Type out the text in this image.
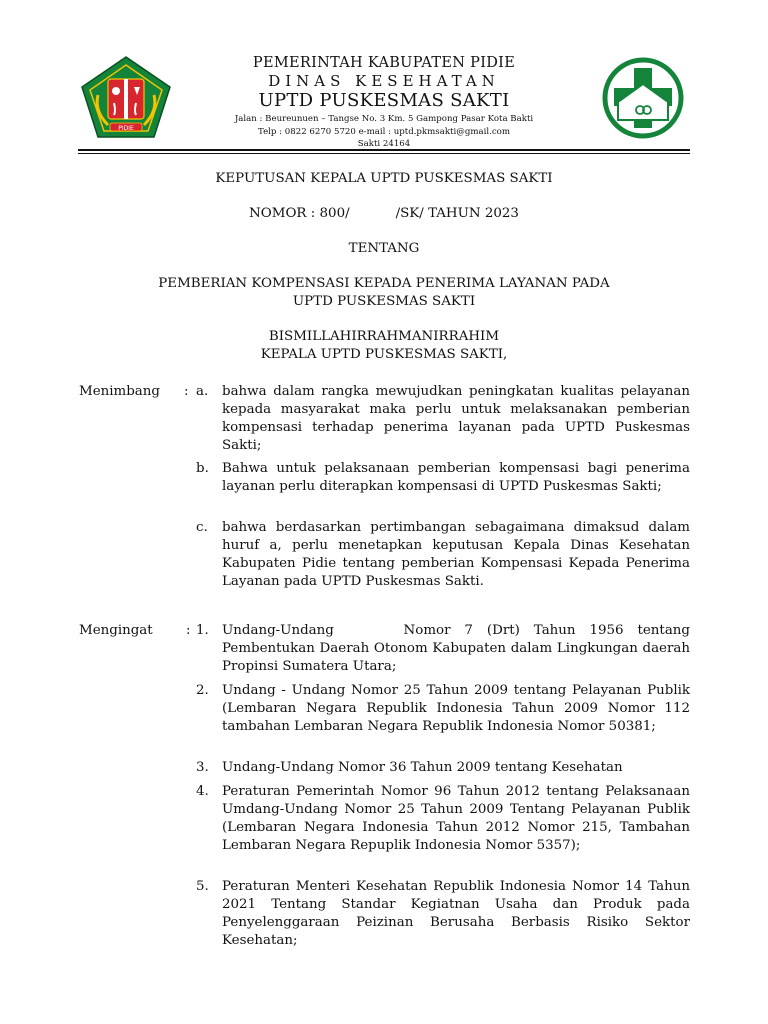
PIDIE
PEMERINTAH KABUPATEN PIDIE
DINAS KESEHATAN
UPTD PUSKESMAS SAKTI
Jalan : Beureunuen – Tangse No. 3 Km. 5 Gampong Pasar Kota Bakti
Telp : 0822 6270 5720 e-mail : uptd.pkmsakti@gmail.com
Sakti 24164
KEPUTUSAN KEPALA UPTD PUSKESMAS SAKTI
NOMOR : 800/	/SK/ TAHUN 2023
TENTANG
PEMBERIAN KOMPENSASI KEPADA PENERIMA LAYANAN PADA
UPTD PUSKESMAS SAKTI
BISMILLAHIRRAHMANIRRAHIM
KEPALA UPTD PUSKESMAS SAKTI,
Menimbang : a.	bahwa dalam rangka mewujudkan peningkatan kualitas pelayanan kepada masyarakat maka perlu untuk melaksanakan pemberian kompensasi terhadap penerima layanan pada UPTD Puskesmas Sakti;
b. Bahwa untuk pelaksanaan pemberian kompensasi bagi penerima layanan perlu diterapkan kompensasi di UPTD Puskesmas Sakti;
c.	bahwa berdasarkan pertimbangan sebagaimana dimaksud dalam huruf a, perlu menetapkan keputusan Kepala Dinas Kesehatan Kabupaten Pidie tentang pemberian Kompensasi Kepada Penerima Layanan pada UPTD Puskesmas Sakti.
Mengingat : 1. Undang-Undang     Nomor 7 (Drt) Tahun 1956 tentang Pembentukan Daerah Otonom Kabupaten dalam Lingkungan daerah Propinsi Sumatera Utara;
2. Undang - Undang Nomor 25 Tahun 2009 tentang Pelayanan Publik (Lembaran Negara Republik Indonesia Tahun 2009 Nomor 112 tambahan Lembaran Negara Republik Indonesia Nomor 50381;
3. Undang-Undang Nomor 36 Tahun 2009 tentang Kesehatan
4. Peraturan Pemerintah Nomor 96 Tahun 2012 tentang Pelaksanaan Umdang-Undang Nomor 25 Tahun 2009 Tentang Pelayanan Publik (Lembaran Negara Indonesia Tahun 2012 Nomor 215, Tambahan Lembaran Negara Repuplik Indonesia Nomor 5357);
5. Peraturan Menteri Kesehatan Republik Indonesia Nomor 14 Tahun 2021 Tentang Standar Kegiatnan Usaha dan Produk pada Penyelenggaraan Peizinan Berusaha Berbasis Risiko Sektor Kesehatan;
